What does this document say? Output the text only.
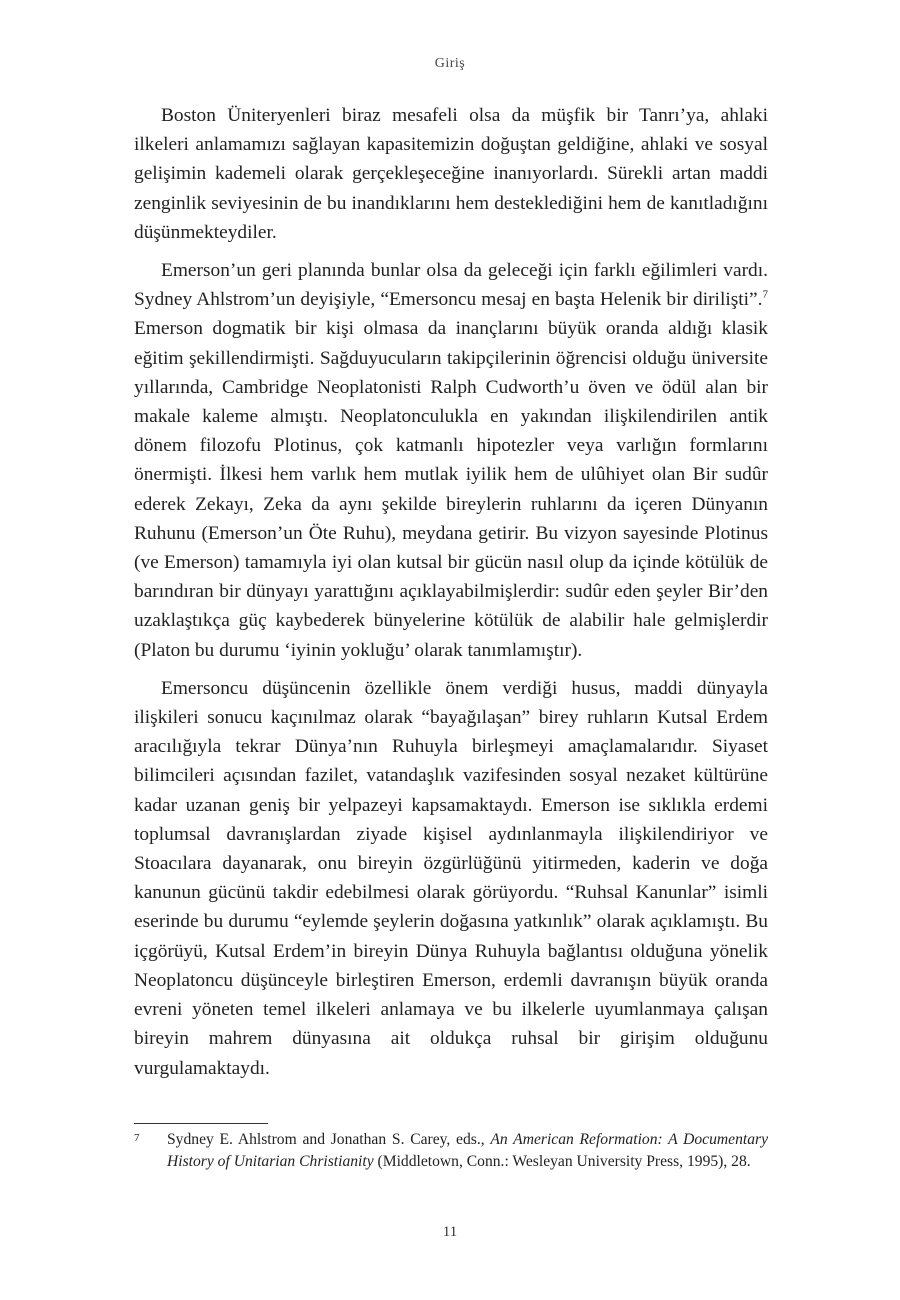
Giriş

Boston Üniteryenleri biraz mesafeli olsa da müşfik bir Tanrı’ya, ahlaki ilkeleri anlamamızı sağlayan kapasitemizin doğuştan geldiğine, ahlaki ve sosyal gelişimin kademeli olarak gerçekleşeceğine inanıyorlardı. Sürekli artan maddi zenginlik seviyesinin de bu inandıklarını hem desteklediğini hem de kanıtladığını düşünmekteydiler.

Emerson’un geri planında bunlar olsa da geleceği için farklı eğilimleri vardı. Sydney Ahlstrom’un deyişiyle, “Emersoncu mesaj en başta Helenik bir dirilişti”.$^7$ Emerson dogmatik bir kişi olmasa da inançlarını büyük oranda aldığı klasik eğitim şekillendirmişti. Sağduyucuların takipçilerinin öğrencisi olduğu üniversite yıllarında, Cambridge Neoplatonisti Ralph Cudworth’u öven ve ödül alan bir makale kaleme almıştı. Neoplatonculukla en yakından ilişkilendirilen antik dönem filozofu Plotinus, çok katmanlı hipotezler veya varlığın formlarını önermişti. İlkesi hem varlık hem mutlak iyilik hem de ulûhiyet olan Bir sudûr ederek Zekayı, Zeka da aynı şekilde bireylerin ruhlarını da içeren Dünyanın Ruhunu (Emerson’un Öte Ruhu), meydana getirir. Bu vizyon sayesinde Plotinus (ve Emerson) tamamıyla iyi olan kutsal bir gücün nasıl olup da içinde kötülük de barındıran bir dünyayı yarattığını açıklayabilmişlerdir: sudûr eden şeyler Bir’den uzaklaştıkça güç kaybederek bünyelerine kötülük de alabilir hale gelmişlerdir (Platon bu durumu ‘iyinin yokluğu’ olarak tanımlamıştır).

Emersoncu düşüncenin özellikle önem verdiği husus, maddi dünyayla ilişkileri sonucu kaçınılmaz olarak “bayağılaşan” birey ruhların Kutsal Erdem aracılığıyla tekrar Dünya’nın Ruhuyla birleşmeyi amaçlamalarıdır. Siyaset bilimcileri açısından fazilet, vatandaşlık vazifesinden sosyal nezaket kültürüne kadar uzanan geniş bir yelpazeyi kapsamaktaydı. Emerson ise sıklıkla erdemi toplumsal davranışlardan ziyade kişisel aydınlanmayla ilişkilendiriyor ve Stoacılara dayanarak, onu bireyin özgürlüğünü yitirmeden, kaderin ve doğa kanunun gücünü takdir edebilmesi olarak görüyordu. “Ruhsal Kanunlar” isimli eserinde bu durumu “eylemde şeylerin doğasına yatkınlık” olarak açıklamıştı. Bu içgörüyü, Kutsal Erdem’in bireyin Dünya Ruhuyla bağlantısı olduğuna yönelik Neoplatoncu düşünceyle birleştiren Emerson, erdemli davranışın büyük oranda evreni yöneten temel ilkeleri anlamaya ve bu ilkelerle uyumlanmaya çalışan bireyin mahrem dünyasına ait oldukça ruhsal bir girişim olduğunu vurgulamaktaydı.

7 Sydney E. Ahlstrom and Jonathan S. Carey, eds., An American Reformation: A Documentary History of Unitarian Christianity (Middletown, Conn.: Wesleyan University Press, 1995), 28.
11
